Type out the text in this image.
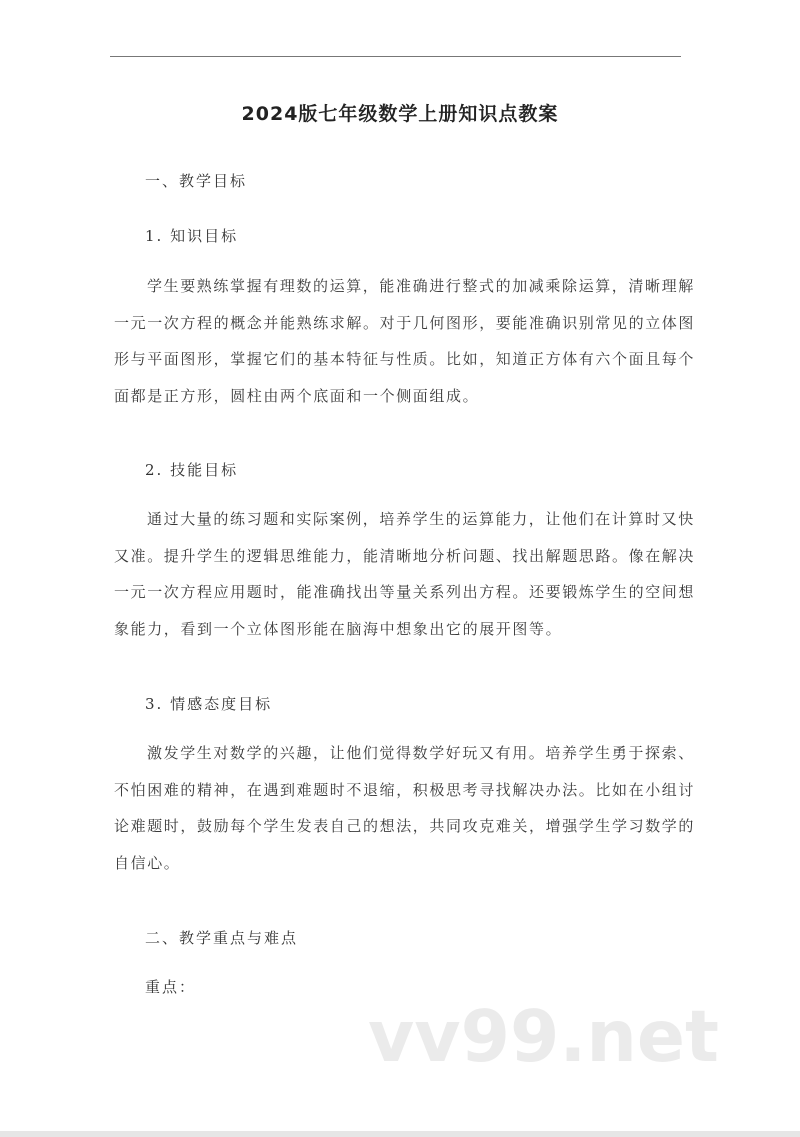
2024版七年级数学上册知识点教案
一、教学目标
1. 知识目标
学生要熟练掌握有理数的运算，能准确进行整式的加减乘除运算，清晰理解
一元一次方程的概念并能熟练求解。对于几何图形，要能准确识别常见的立体图
形与平面图形，掌握它们的基本特征与性质。比如，知道正方体有六个面且每个
面都是正方形，圆柱由两个底面和一个侧面组成。
2. 技能目标
通过大量的练习题和实际案例，培养学生的运算能力，让他们在计算时又快
又准。提升学生的逻辑思维能力，能清晰地分析问题、找出解题思路。像在解决
一元一次方程应用题时，能准确找出等量关系列出方程。还要锻炼学生的空间想
象能力，看到一个立体图形能在脑海中想象出它的展开图等。
3. 情感态度目标
激发学生对数学的兴趣，让他们觉得数学好玩又有用。培养学生勇于探索、
不怕困难的精神，在遇到难题时不退缩，积极思考寻找解决办法。比如在小组讨
论难题时，鼓励每个学生发表自己的想法，共同攻克难关，增强学生学习数学的
自信心。
二、教学重点与难点
重点：
vv99.net
